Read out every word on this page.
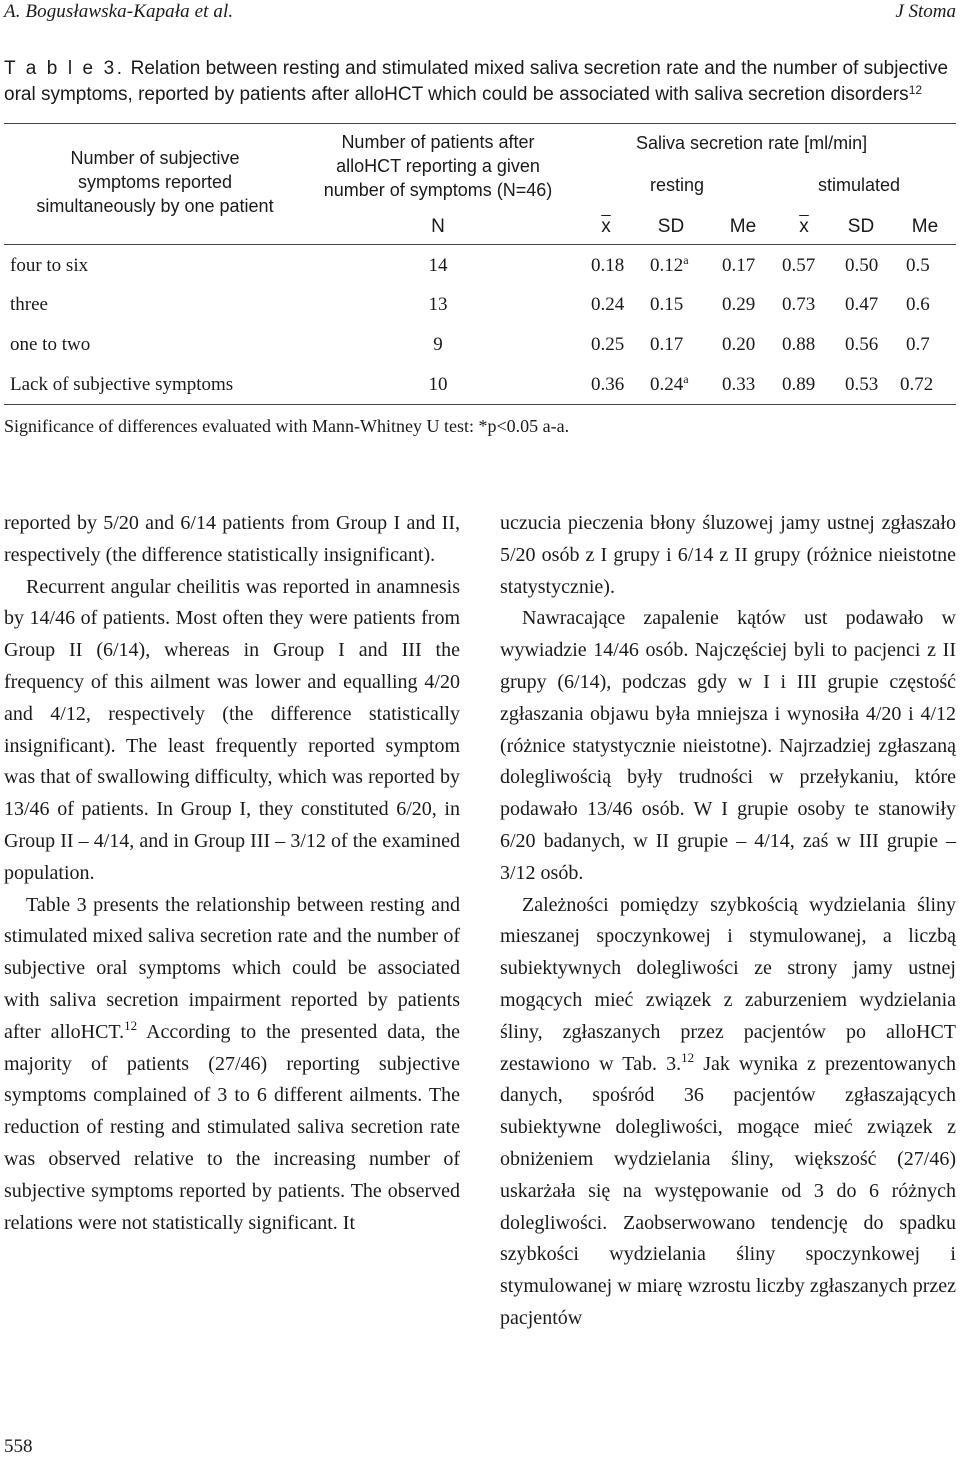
A. Bogusławska-Kapała et al.	J Stoma
T a b l e 3. Relation between resting and stimulated mixed saliva secretion rate and the number of subjective oral symptoms, reported by patients after alloHCT which could be associated with saliva secretion disorders$^{12}$
Number of subjective
symptoms reported
simultaneously by one patient
Number of patients after
alloHCT reporting a given
number of symptoms (N=46)
Saliva secretion rate [ml/min]
resting	stimulated
N	$\overline{x}$	SD	Me	$\overline{x}$	SD	Me
four to six	14	0.18 0.12$^a$ 0.17 0.57 0.50 0.5
three	13	0.24 0.15 0.29 0.73 0.47 0.6
one to two	9	0.25 0.17 0.20 0.88 0.56 0.7
Lack of subjective symptoms	10	0.36 0.24$^a$ 0.33 0.89 0.53 0.72
Significance of differences evaluated with Mann-Whitney U test: *p<0.05 a-a.

reported by 5/20 and 6/14 patients from Group I and II, respectively (the difference statistically insignificant).

Recurrent angular cheilitis was reported in anamnesis by 14/46 of patients. Most often they were patients from Group II (6/14), whereas in Group I and III the frequency of this ailment was lower and equalling 4/20 and 4/12, respectively (the difference statistically insignificant). The least frequently reported symptom was that of swallowing difficulty, which was reported by 13/46 of patients. In Group I, they constituted 6/20, in Group II – 4/14, and in Group III – 3/12 of the examined population.

Table 3 presents the relationship between resting and stimulated mixed saliva secretion rate and the number of subjective oral symptoms which could be associated with saliva secretion impairment reported by patients after alloHCT.$^{12}$ According to the presented data, the majority of patients (27/46) reporting subjective symptoms complained of 3 to 6 different ailments. The reduction of resting and stimulated saliva secretion rate was observed relative to the increasing number of subjective symptoms reported by patients. The observed relations were not statistically significant. It

uczucia pieczenia błony śluzowej jamy ustnej zgłaszało 5/20 osób z I grupy i 6/14 z II grupy (różnice nieistotne statystycznie).

Nawracające zapalenie kątów ust podawało w wywiadzie 14/46 osób. Najczęściej byli to pacjenci z II grupy (6/14), podczas gdy w I i III grupie częstość zgłaszania objawu była mniejsza i wynosiła 4/20 i 4/12 (różnice statystycznie nieistotne). Najrzadziej zgłaszaną dolegliwością były trudności w przełykaniu, które podawało 13/46 osób. W I grupie osoby te stanowiły 6/20 badanych, w II grupie – 4/14, zaś w III grupie – 3/12 osób.

Zależności pomiędzy szybkością wydzielania śliny mieszanej spoczynkowej i stymulowanej, a liczbą subiektywnych dolegliwości ze strony jamy ustnej mogących mieć związek z zaburzeniem wydzielania śliny, zgłaszanych przez pacjentów po alloHCT zestawiono w Tab. 3.12 Jak wynika z prezentowanych danych, spośród 36 pacjentów zgłaszających subiektywne dolegliwości, mogące mieć związek z obniżeniem wydzielania śliny, większość (27/46) uskarżała się na występowanie od 3 do 6 różnych dolegliwości. Zaobserwowano tendencję do spadku szybkości wydzielania śliny spoczynkowej i stymulowanej w miarę wzrostu liczby zgłaszanych przez pacjentów

558
